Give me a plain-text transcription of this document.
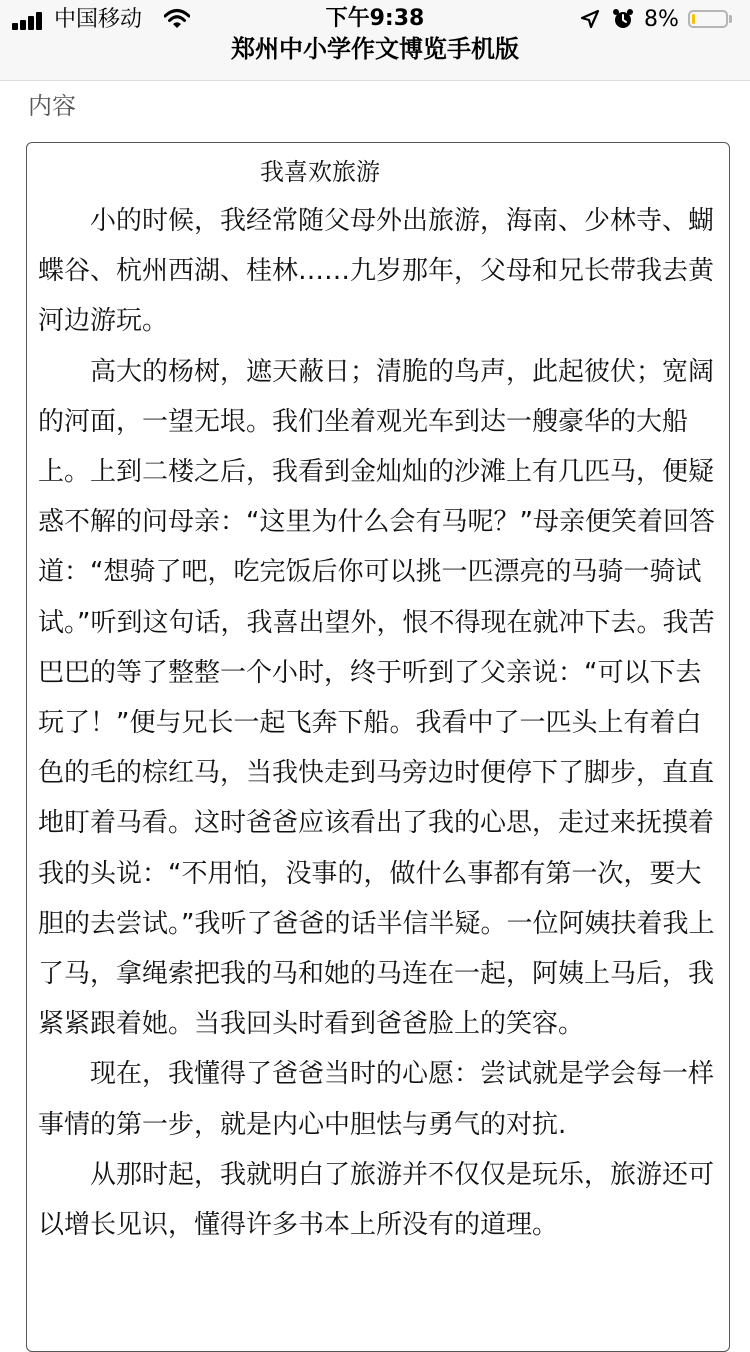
中国移动	下午9:38	8%
郑州中小学作文博览手机版
内容
我喜欢旅游

小的时候，我经常随父母外出旅游，海南、少林寺、蝴蝶谷、杭州西湖、桂林……九岁那年，父母和兄长带我去黄河边游玩。

高大的杨树，遮天蔽日；清脆的鸟声，此起彼伏；宽阔的河面，一望无垠。我们坐着观光车到达一艘豪华的大船上。上到二楼之后，我看到金灿灿的沙滩上有几匹马，便疑惑不解的问母亲：“这里为什么会有马呢？”母亲便笑着回答道：“想骑了吧，吃完饭后你可以挑一匹漂亮的马骑一骑试试。”听到这句话，我喜出望外，恨不得现在就冲下去。我苦巴巴的等了整整一个小时，终于听到了父亲说：“可以下去玩了！”便与兄长一起飞奔下船。我看中了一匹头上有着白色的毛的棕红马，当我快走到马旁边时便停下了脚步，直直地盯着马看。这时爸爸应该看出了我的心思，走过来抚摸着我的头说：“不用怕，没事的，做什么事都有第一次，要大胆的去尝试。”我听了爸爸的话半信半疑。一位阿姨扶着我上了马，拿绳索把我的马和她的马连在一起，阿姨上马后，我紧紧跟着她。当我回头时看到爸爸脸上的笑容。

现在，我懂得了爸爸当时的心愿：尝试就是学会每一样事情的第一步，就是内心中胆怯与勇气的对抗.

从那时起，我就明白了旅游并不仅仅是玩乐，旅游还可以增长见识，懂得许多书本上所没有的道理。
